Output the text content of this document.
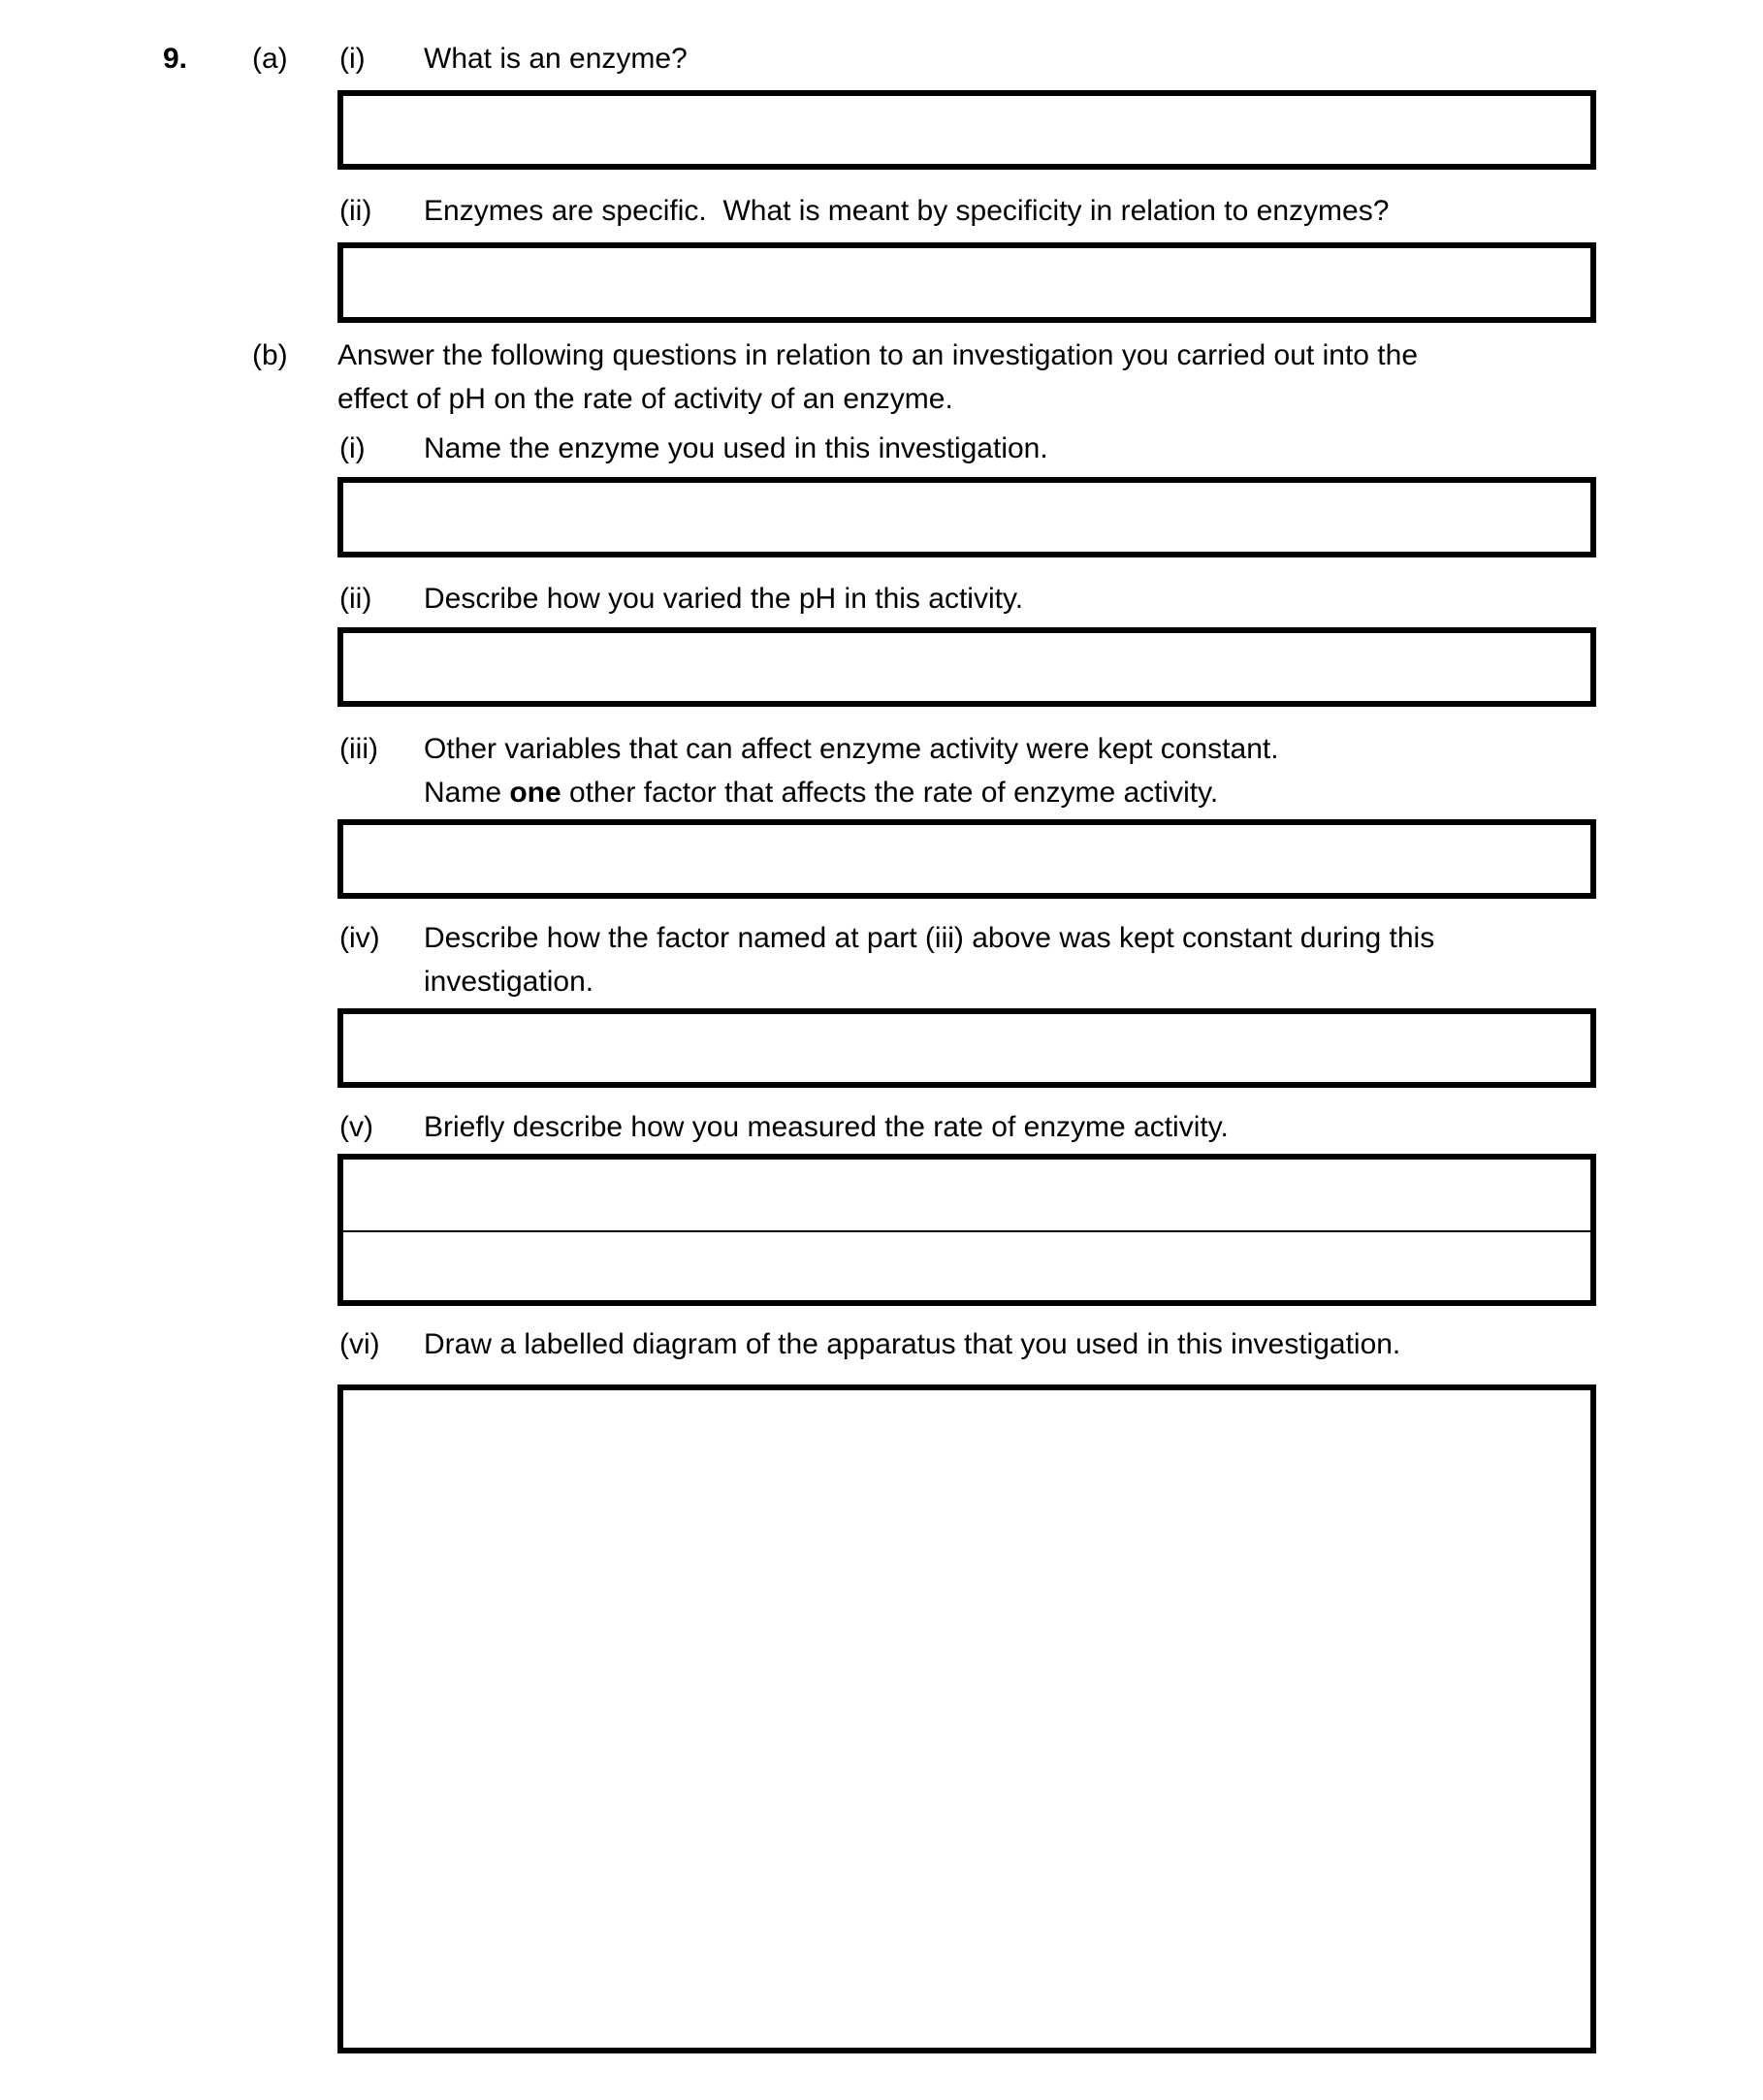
9. (a) (i) What is an enzyme?
(ii) Enzymes are specific.  What is meant by specificity in relation to enzymes?
(b) Answer the following questions in relation to an investigation you carried out into the
effect of pH on the rate of activity of an enzyme.
(i) Name the enzyme you used in this investigation.
(ii) Describe how you varied the pH in this activity.
(iii) Other variables that can affect enzyme activity were kept constant.
Name one other factor that affects the rate of enzyme activity.
(iv) Describe how the factor named at part (iii) above was kept constant during this
investigation.
(v) Briefly describe how you measured the rate of enzyme activity.
(vi) Draw a labelled diagram of the apparatus that you used in this investigation.
